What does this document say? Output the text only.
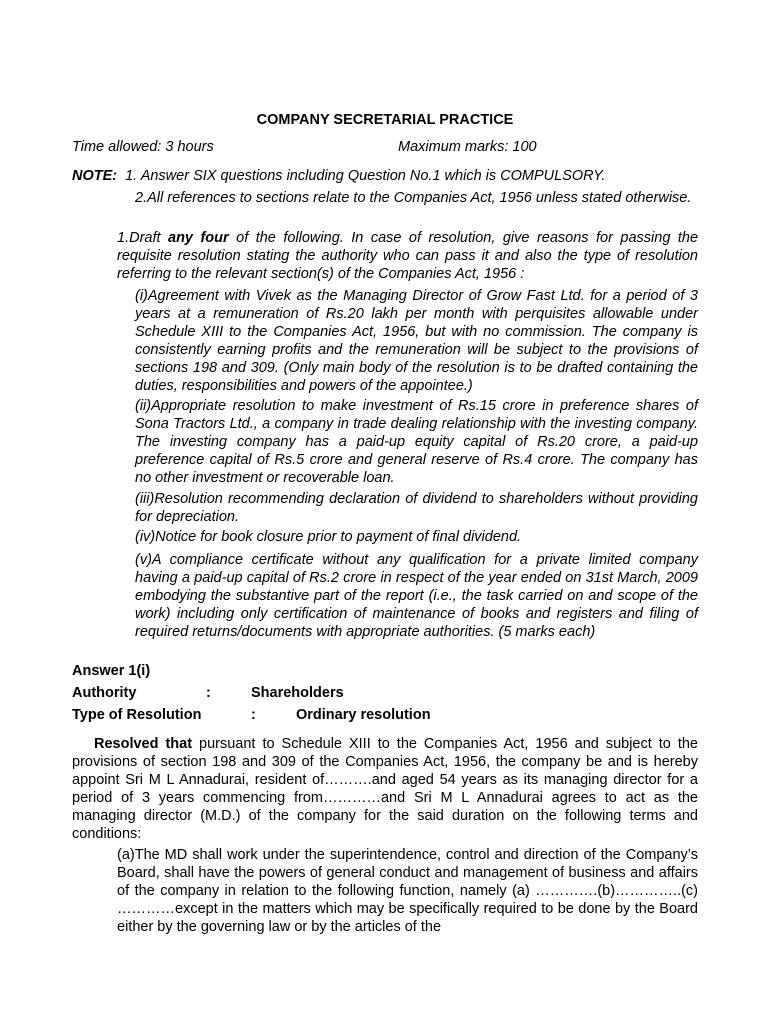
COMPANY SECRETARIAL PRACTICE
Time allowed: 3 hours	Maximum marks: 100
NOTE: 1. Answer SIX questions including Question No.1 which is COMPULSORY.
2.All references to sections relate to the Companies Act, 1956 unless stated otherwise.
1.Draft any four of the following. In case of resolution, give reasons for passing the requisite resolution stating the authority who can pass it and also the type of resolution referring to the relevant section(s) of the Companies Act, 1956 :
(i)Agreement with Vivek as the Managing Director of Grow Fast Ltd. for a period of 3 years at a remuneration of Rs.20 lakh per month with perquisites allowable under Schedule XIII to the Companies Act, 1956, but with no commission. The company is consistently earning profits and the remuneration will be subject to the provisions of sections 198 and 309. (Only main body of the resolution is to be drafted containing the duties, responsibilities and powers of the appointee.)
(ii)Appropriate resolution to make investment of Rs.15 crore in preference shares of Sona Tractors Ltd., a company in trade dealing relationship with the investing company. The investing company has a paid-up equity capital of Rs.20 crore, a paid-up preference capital of Rs.5 crore and general reserve of Rs.4 crore. The company has no other investment or recoverable loan.
(iii)Resolution recommending declaration of dividend to shareholders without providing for depreciation.
(iv)Notice for book closure prior to payment of final dividend.
(v)A compliance certificate without any qualification for a private limited company having a paid-up capital of Rs.2 crore in respect of the year ended on 31st March, 2009 embodying the substantive part of the report (i.e., the task carried on and scope of the work) including only certification of maintenance of books and registers and filing of required returns/documents with appropriate authorities. (5 marks each)
Answer 1(i)
Authority	:	Shareholders
Type of Resolution	:	Ordinary resolution
Resolved that pursuant to Schedule XIII to the Companies Act, 1956 and subject to the provisions of section 198 and 309 of the Companies Act, 1956, the company be and is hereby appoint Sri M L Annadurai, resident of……….and aged 54 years as its managing director for a period of 3 years commencing from…………and Sri M L Annadurai agrees to act as the managing director (M.D.) of the company for the said duration on the following terms and conditions:
(a)The MD shall work under the superintendence, control and direction of the Company’s Board, shall have the powers of general conduct and management of business and affairs of the company in relation to the following function, namely (a) ………….(b)…………..(c) …………except in the matters which may be specifically required to be done by the Board either by the governing law or by the articles of the
